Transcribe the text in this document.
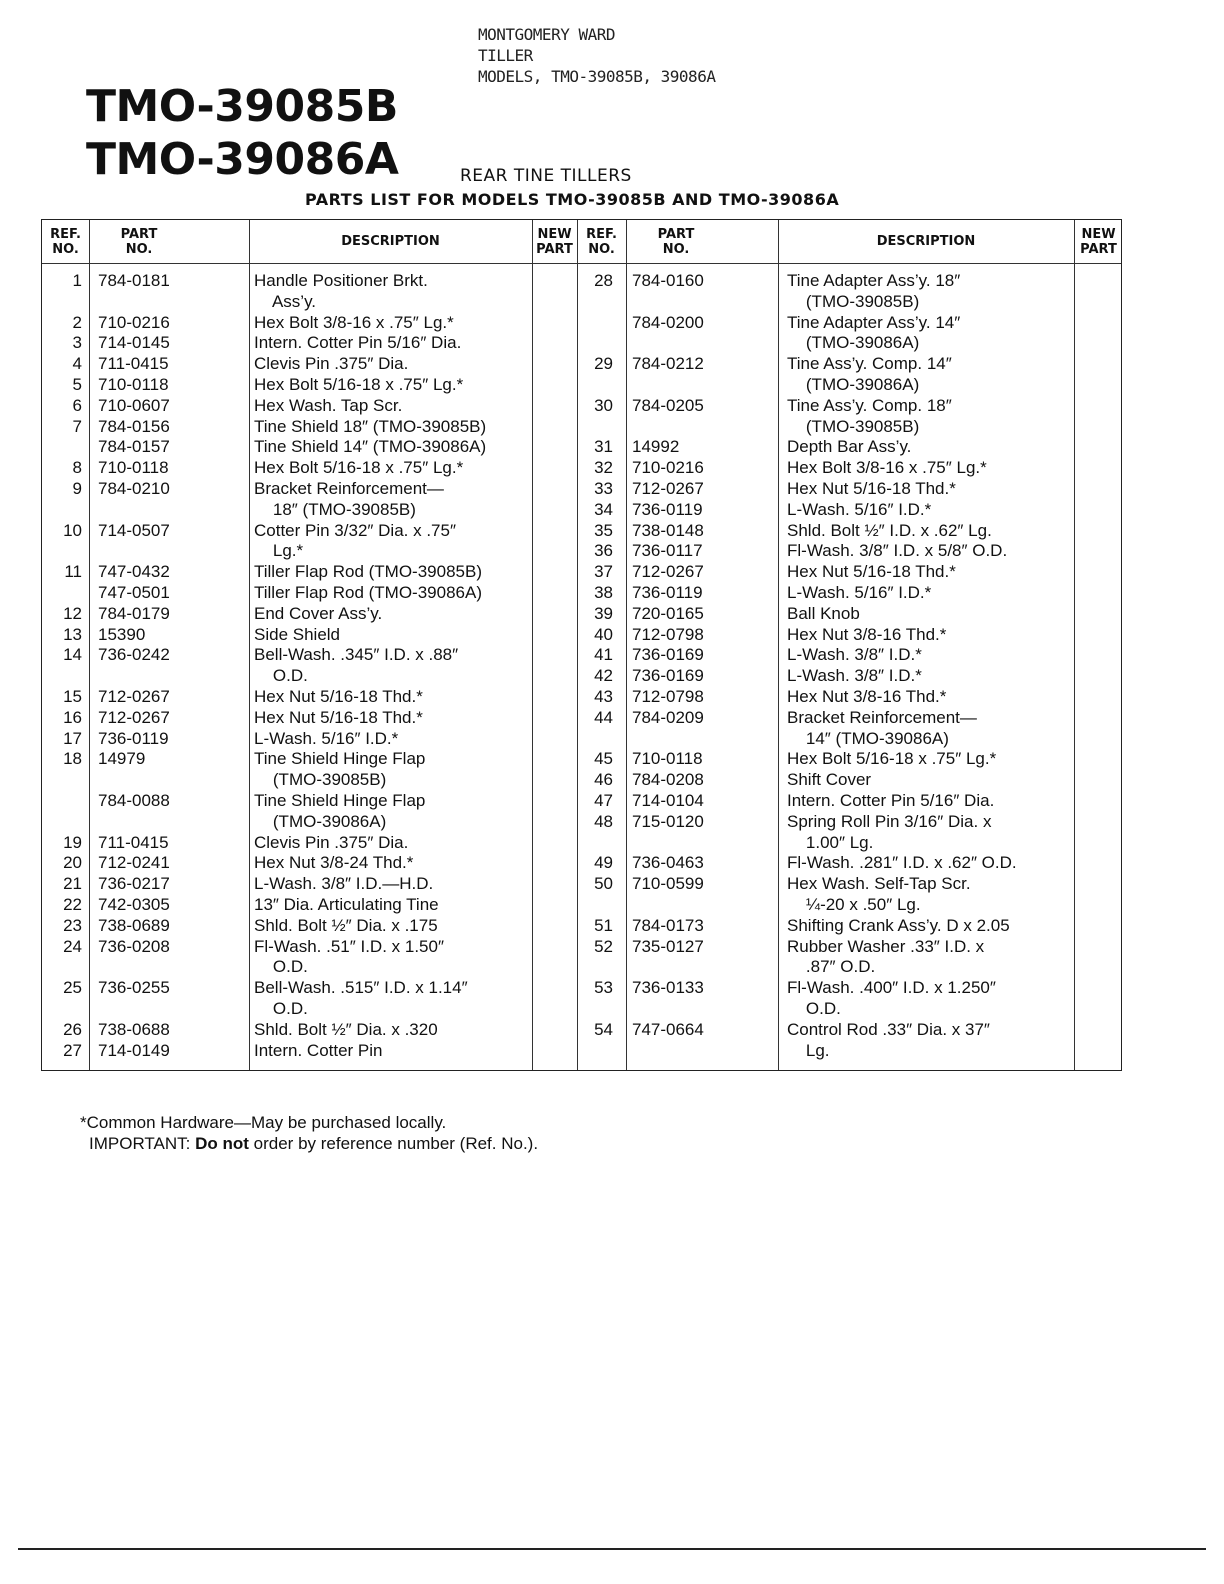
MONTGOMERY WARD
TILLER
MODELS, TMO-39085B, 39086A
TMO-39085B
TMO-39086A	REAR TINE TILLERS
PARTS LIST FOR MODELS TMO-39085B AND TMO-39086A
REF.
NO.
PART
NO.	DESCRIPTION	NEW
PART
REF.
NO.
PART
NO.	DESCRIPTION	NEW
PART
1 784-0181	Handle Positioner Brkt.
Ass’y.
2 710-0216	Hex Bolt 3/8-16 x .75″ Lg.*
3 714-0145	Intern. Cotter Pin 5/16″ Dia.
4 711-0415	Clevis Pin .375″ Dia.
5 710-0118	Hex Bolt 5/16-18 x .75″ Lg.*
6 710-0607	Hex Wash. Tap Scr.
7 784-0156	Tine Shield 18″ (TMO-39085B)
784-0157	Tine Shield 14″ (TMO-39086A)
8 710-0118	Hex Bolt 5/16-18 x .75″ Lg.*
9 784-0210	Bracket Reinforcement—
18″ (TMO-39085B)
10 714-0507	Cotter Pin 3/32″ Dia. x .75″
Lg.*
11 747-0432	Tiller Flap Rod (TMO-39085B)
747-0501	Tiller Flap Rod (TMO-39086A)
12 784-0179	End Cover Ass’y.
13 15390	Side Shield
14 736-0242	Bell-Wash. .345″ I.D. x .88″
O.D.
15 712-0267	Hex Nut 5/16-18 Thd.*
16 712-0267	Hex Nut 5/16-18 Thd.*
17 736-0119	L-Wash. 5/16″ I.D.*
18 14979	Tine Shield Hinge Flap
(TMO-39085B)
784-0088	Tine Shield Hinge Flap
(TMO-39086A)
19 711-0415	Clevis Pin .375″ Dia.
20 712-0241	Hex Nut 3/8-24 Thd.*
21 736-0217	L-Wash. 3/8″ I.D.—H.D.
22 742-0305	13″ Dia. Articulating Tine
23 738-0689	Shld. Bolt ½″ Dia. x .175
24 736-0208	Fl-Wash. .51″ I.D. x 1.50″
O.D.
25 736-0255	Bell-Wash. .515″ I.D. x 1.14″
O.D.
26 738-0688	Shld. Bolt ½″ Dia. x .320
27 714-0149	Intern. Cotter Pin
28 784-0160	Tine Adapter Ass’y. 18″
(TMO-39085B)
784-0200	Tine Adapter Ass’y. 14″
(TMO-39086A)
29 784-0212	Tine Ass’y. Comp. 14″
(TMO-39086A)
30 784-0205	Tine Ass’y. Comp. 18″
(TMO-39085B)
31 14992	Depth Bar Ass’y.
32 710-0216	Hex Bolt 3/8-16 x .75″ Lg.*
33 712-0267	Hex Nut 5/16-18 Thd.*
34 736-0119	L-Wash. 5/16″ I.D.*
35 738-0148	Shld. Bolt ½″ I.D. x .62″ Lg.
36 736-0117	Fl-Wash. 3/8″ I.D. x 5/8″ O.D.
37 712-0267	Hex Nut 5/16-18 Thd.*
38 736-0119	L-Wash. 5/16″ I.D.*
39 720-0165	Ball Knob
40 712-0798	Hex Nut 3/8-16 Thd.*
41 736-0169	L-Wash. 3/8″ I.D.*
42 736-0169	L-Wash. 3/8″ I.D.*
43 712-0798	Hex Nut 3/8-16 Thd.*
44 784-0209	Bracket Reinforcement—
14″ (TMO-39086A)
45 710-0118	Hex Bolt 5/16-18 x .75″ Lg.*
46 784-0208	Shift Cover
47 714-0104	Intern. Cotter Pin 5/16″ Dia.
48 715-0120	Spring Roll Pin 3/16″ Dia. x
1.00″ Lg.
49 736-0463	Fl-Wash. .281″ I.D. x .62″ O.D.
50 710-0599	Hex Wash. Self-Tap Scr.
¼-20 x .50″ Lg.
51 784-0173	Shifting Crank Ass’y. D x 2.05
52 735-0127	Rubber Washer .33″ I.D. x
.87″ O.D.
53 736-0133	Fl-Wash. .400″ I.D. x 1.250″
O.D.
54 747-0664	Control Rod .33″ Dia. x 37″
Lg.
*Common Hardware—May be purchased locally.
IMPORTANT: Do not order by reference number (Ref. No.).
